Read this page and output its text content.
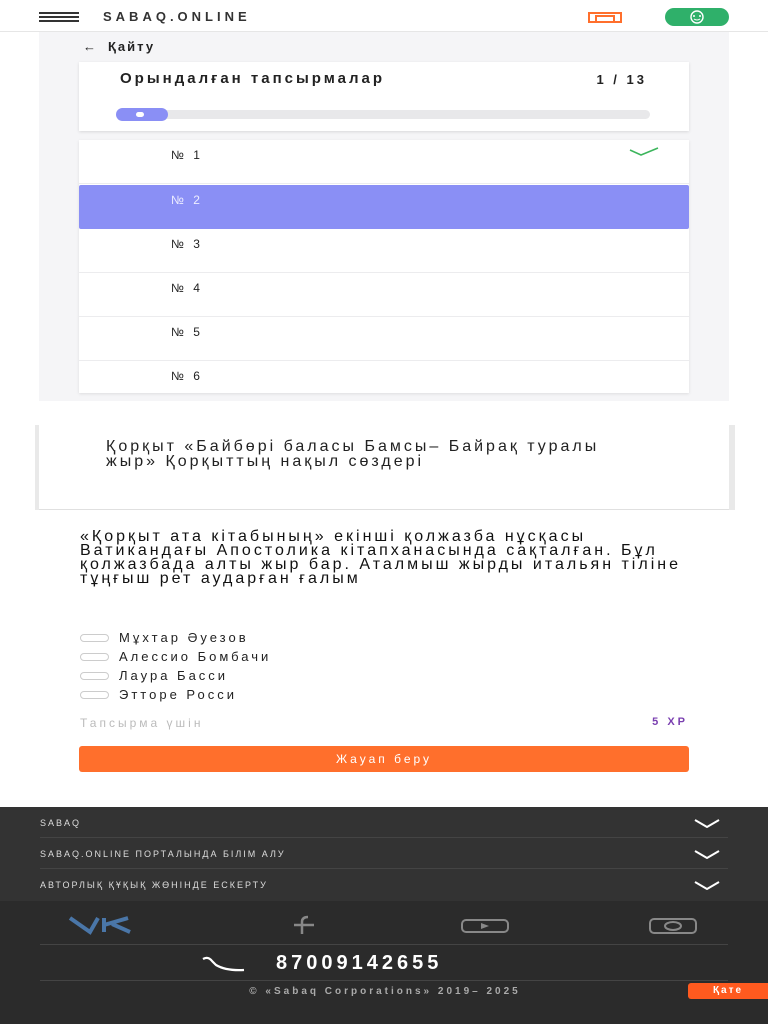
SABAQ.ONLINE
← Қайту
Орындалған тапсырмалар	1 / 13
№ 1
№ 2
№ 3
№ 4
№ 5
№ 6
Қорқыт «Байбөрі баласы Бамсы– Байрақ туралы жыр» Қорқыттың нақыл сөздері
«Қорқыт ата кітабының» екінші қолжазба нұсқасы Ватикандағы Апостолика кітапханасында сақталған. Бұл қолжазбада алты жыр бар. Аталмыш жырды итальян тіліне тұңғыш рет аударған ғалым
Мұхтар Әуезов
Алессио Бомбачи
Лаура Басси
Этторе Росси
Тапсырма үшін	5 XP
Жауап беру
SABAQ
SABAQ.ONLINE ПОРТАЛЫНДА БІЛІМ АЛУ
АВТОРЛЫҚ ҚҰҚЫҚ ЖӨНІНДЕ ЕСКЕРТУ
87009142655
© «Sabaq Corporations» 2019– 2025	Қате
